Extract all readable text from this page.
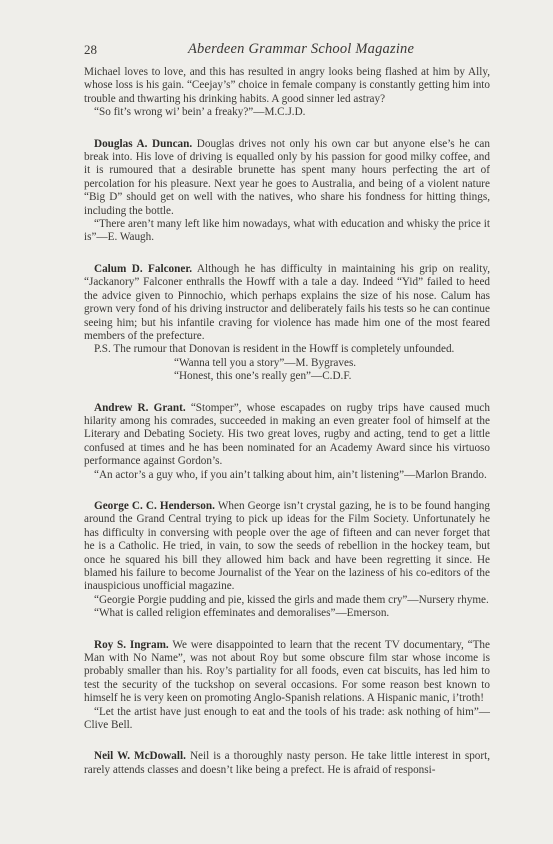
28	Aberdeen Grammar School Magazine

Michael loves to love, and this has resulted in angry looks being flashed at him by Ally, whose loss is his gain. “Ceejay’s” choice in female company is constantly getting him into trouble and thwarting his drinking habits. A good sinner led astray?

“So fit’s wrong wi’ bein’ a freaky?”—M.C.J.D.

Douglas A. Duncan. Douglas drives not only his own car but anyone else’s he can break into. His love of driving is equalled only by his passion for good milky coffee, and it is rumoured that a desirable brunette has spent many hours perfecting the art of percolation for his pleasure. Next year he goes to Australia, and being of a violent nature “Big D” should get on well with the natives, who share his fondness for hitting things, including the bottle.

“There aren’t many left like him nowadays, what with education and whisky the price it is”—E. Waugh.

Calum D. Falconer. Although he has difficulty in maintaining his grip on reality, “Jackanory” Falconer enthralls the Howff with a tale a day. Indeed “Yid” failed to heed the advice given to Pinnochio, which perhaps explains the size of his nose. Calum has grown very fond of his driving instructor and deliberately fails his tests so he can continue seeing him; but his infantile craving for violence has made him one of the most feared members of the prefecture.

P.S. The rumour that Donovan is resident in the Howff is completely unfounded.

“Wanna tell you a story”—M. Bygraves.

“Honest, this one’s really gen”—C.D.F.

Andrew R. Grant. “Stomper”, whose escapades on rugby trips have caused much hilarity among his comrades, succeeded in making an even greater fool of himself at the Literary and Debating Society. His two great loves, rugby and acting, tend to get a little confused at times and he has been nominated for an Academy Award since his virtuoso performance against Gordon’s.

“An actor’s a guy who, if you ain’t talking about him, ain’t listening”—Marlon Brando.

George C. C. Henderson. When George isn’t crystal gazing, he is to be found hanging around the Grand Central trying to pick up ideas for the Film Society. Unfortunately he has difficulty in conversing with people over the age of fifteen and can never forget that he is a Catholic. He tried, in vain, to sow the seeds of rebellion in the hockey team, but once he squared his bill they allowed him back and have been regretting it since. He blamed his failure to become Journalist of the Year on the laziness of his co-editors of the inauspicious unofficial magazine.

“Georgie Porgie pudding and pie, kissed the girls and made them cry”—Nursery rhyme.

“What is called religion effeminates and demoralises”—Emerson.

Roy S. Ingram. We were disappointed to learn that the recent TV documentary, “The Man with No Name”, was not about Roy but some obscure film star whose income is probably smaller than his. Roy’s partiality for all foods, even cat biscuits, has led him to test the security of the tuckshop on several occasions. For some reason best known to himself he is very keen on promoting Anglo-Spanish relations. A Hispanic manic, i’troth!

“Let the artist have just enough to eat and the tools of his trade: ask nothing of him”—Clive Bell.

Neil W. McDowall. Neil is a thoroughly nasty person. He take little interest in sport, rarely attends classes and doesn’t like being a prefect. He is afraid of responsi-
